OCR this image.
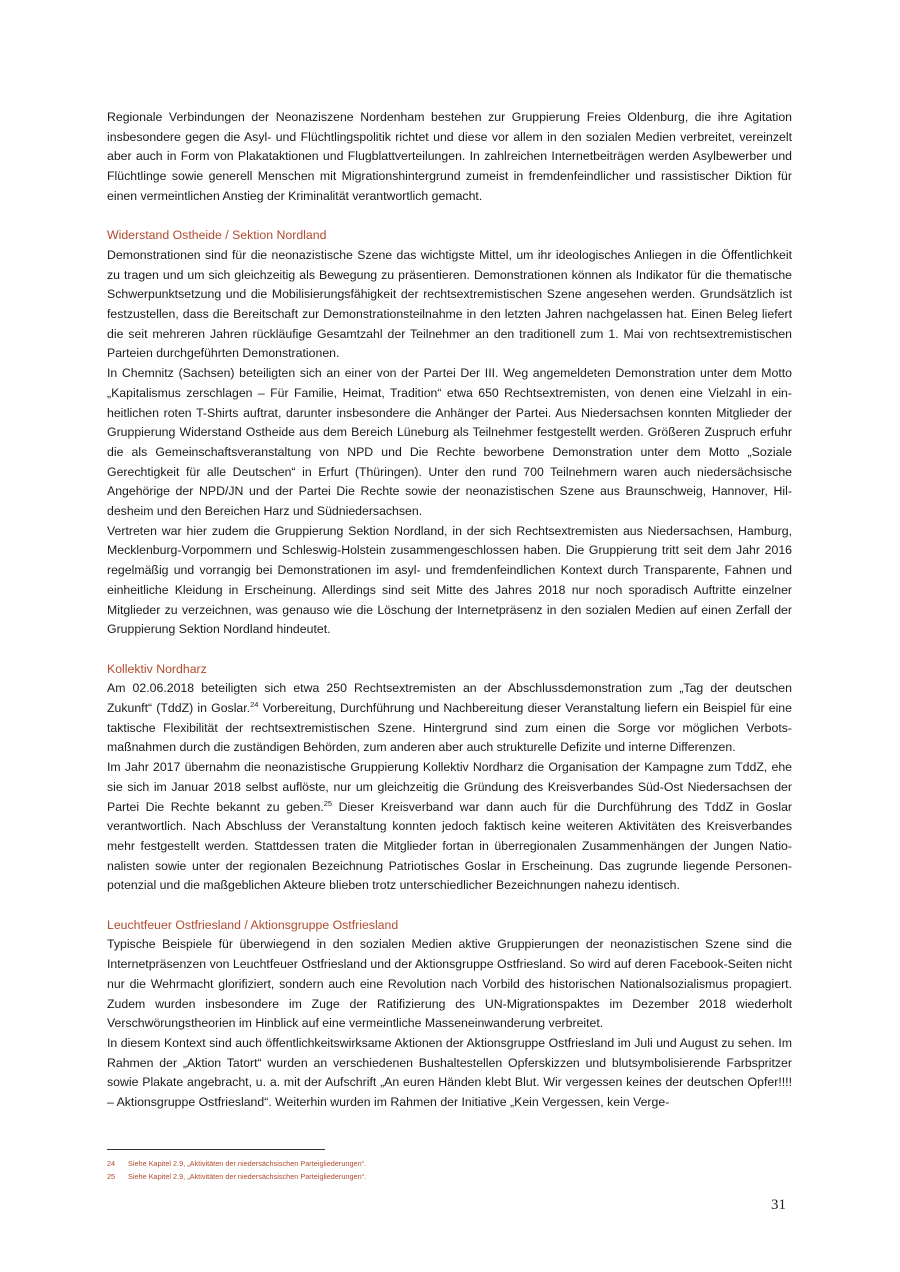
Regionale Verbindungen der Neonaziszene Nordenham bestehen zur Gruppierung Freies Oldenburg, die ihre Agitation insbesondere gegen die Asyl- und Flüchtlingspolitik richtet und diese vor allem in den sozialen Medien verbreitet, vereinzelt aber auch in Form von Plakataktionen und Flugblattverteilungen. In zahlreichen Internetbeiträgen werden Asylbewerber und Flüchtlinge sowie generell Menschen mit Migrationshintergrund zumeist in fremdenfeindlicher und rassistischer Diktion für einen vermeintlichen Anstieg der Kriminalität verantwortlich gemacht.

Widerstand Ostheide / Sektion Nordland

Demonstrationen sind für die neonazistische Szene das wichtigste Mittel, um ihr ideologisches Anliegen in die Öffentlichkeit zu tragen und um sich gleichzeitig als Bewegung zu präsentieren. Demonstrationen können als Indikator für die thematische Schwerpunktsetzung und die Mobilisierungsfähigkeit der rechtsextremistischen Szene angesehen werden. Grundsätzlich ist festzustellen, dass die Bereitschaft zur Demonstrationsteilnahme in den letzten Jahren nachgelassen hat. Einen Beleg liefert die seit mehreren Jahren rückläufige Gesamtzahl der Teilnehmer an den traditionell zum 1. Mai von rechtsextremistischen Parteien durchgeführten Demonstrationen.

In Chemnitz (Sachsen) beteiligten sich an einer von der Partei Der III. Weg angemeldeten Demonstration unter dem Motto „Kapitalismus zerschlagen – Für Familie, Heimat, Tradition“ etwa 650 Rechtsextremisten, von denen eine Vielzahl in einheitlichen roten T-Shirts auftrat, darunter insbesondere die Anhänger der Partei. Aus Niedersachsen konnten Mitglieder der Gruppierung Widerstand Ostheide aus dem Bereich Lüneburg als Teilnehmer festgestellt werden. Größeren Zuspruch erfuhr die als Gemeinschaftsveranstaltung von NPD und Die Rechte beworbene Demonstration unter dem Motto „Soziale Gerechtigkeit für alle Deutschen“ in Erfurt (Thüringen). Unter den rund 700 Teilnehmern waren auch niedersächsische Angehörige der NPD/JN und der Partei Die Rechte sowie der neonazistischen Szene aus Braunschweig, Hannover, Hildesheim und den Bereichen Harz und Südniedersachsen.

Vertreten war hier zudem die Gruppierung Sektion Nordland, in der sich Rechtsextremisten aus Niedersachsen, Hamburg, Mecklenburg-Vorpommern und Schleswig-Holstein zusammengeschlossen haben. Die Gruppierung tritt seit dem Jahr 2016 regelmäßig und vorrangig bei Demonstrationen im asyl- und fremdenfeindlichen Kontext durch Transparente, Fahnen und einheitliche Kleidung in Erscheinung. Allerdings sind seit Mitte des Jahres 2018 nur noch sporadisch Auftritte einzelner Mitglieder zu verzeichnen, was genauso wie die Löschung der Internetpräsenz in den sozialen Medien auf einen Zerfall der Gruppierung Sektion Nordland hindeutet.

Kollektiv Nordharz

Am 02.06.2018 beteiligten sich etwa 250 Rechtsextremisten an der Abschlussdemonstration zum „Tag der deutschen Zukunft“ (TddZ) in Goslar.$^{24}$ Vorbereitung, Durchführung und Nachbereitung dieser Veranstaltung liefern ein Beispiel für eine taktische Flexibilität der rechtsextremistischen Szene. Hintergrund sind zum einen die Sorge vor möglichen Verbotsmaßnahmen durch die zuständigen Behörden, zum anderen aber auch strukturelle Defizite und interne Differenzen.

Im Jahr 2017 übernahm die neonazistische Gruppierung Kollektiv Nordharz die Organisation der Kampagne zum TddZ, ehe sie sich im Januar 2018 selbst auflöste, nur um gleichzeitig die Gründung des Kreisverbandes Süd-Ost Niedersachsen der Partei Die Rechte bekannt zu geben.$^{25}$ Dieser Kreisverband war dann auch für die Durchführung des TddZ in Goslar verantwortlich. Nach Abschluss der Veranstaltung konnten jedoch faktisch keine weiteren Aktivitäten des Kreisverbandes mehr festgestellt werden. Stattdessen traten die Mitglieder fortan in überregionalen Zusammenhängen der Jungen Nationalisten sowie unter der regionalen Bezeichnung Patriotisches Goslar in Erscheinung. Das zugrunde liegende Personenpotenzial und die maßgeblichen Akteure blieben trotz unterschiedlicher Bezeichnungen nahezu identisch.

Leuchtfeuer Ostfriesland / Aktionsgruppe Ostfriesland

Typische Beispiele für überwiegend in den sozialen Medien aktive Gruppierungen der neonazistischen Szene sind die Internetpräsenzen von Leuchtfeuer Ostfriesland und der Aktionsgruppe Ostfriesland. So wird auf deren Facebook-Seiten nicht nur die Wehrmacht glorifiziert, sondern auch eine Revolution nach Vorbild des historischen Nationalsozialismus propagiert. Zudem wurden insbesondere im Zuge der Ratifizierung des UN-Migrationspaktes im Dezember 2018 wiederholt Verschwörungstheorien im Hinblick auf eine vermeintliche Masseneinwanderung verbreitet.

In diesem Kontext sind auch öffentlichkeitswirksame Aktionen der Aktionsgruppe Ostfriesland im Juli und August zu sehen. Im Rahmen der „Aktion Tatort“ wurden an verschiedenen Bushaltestellen Opferskizzen und blutsymbolisierende Farbspritzer sowie Plakate angebracht, u. a. mit der Aufschrift „An euren Händen klebt Blut. Wir vergessen keines der deutschen Opfer!!!! – Aktionsgruppe Ostfriesland“. Weiterhin wurden im Rahmen der Initiative „Kein Vergessen, kein Verge-

24 Siehe Kapitel 2.9, „Aktivitäten der niedersächsischen Parteigliederungen“.

25 Siehe Kapitel 2.9, „Aktivitäten der niedersächsischen Parteigliederungen“.

31
